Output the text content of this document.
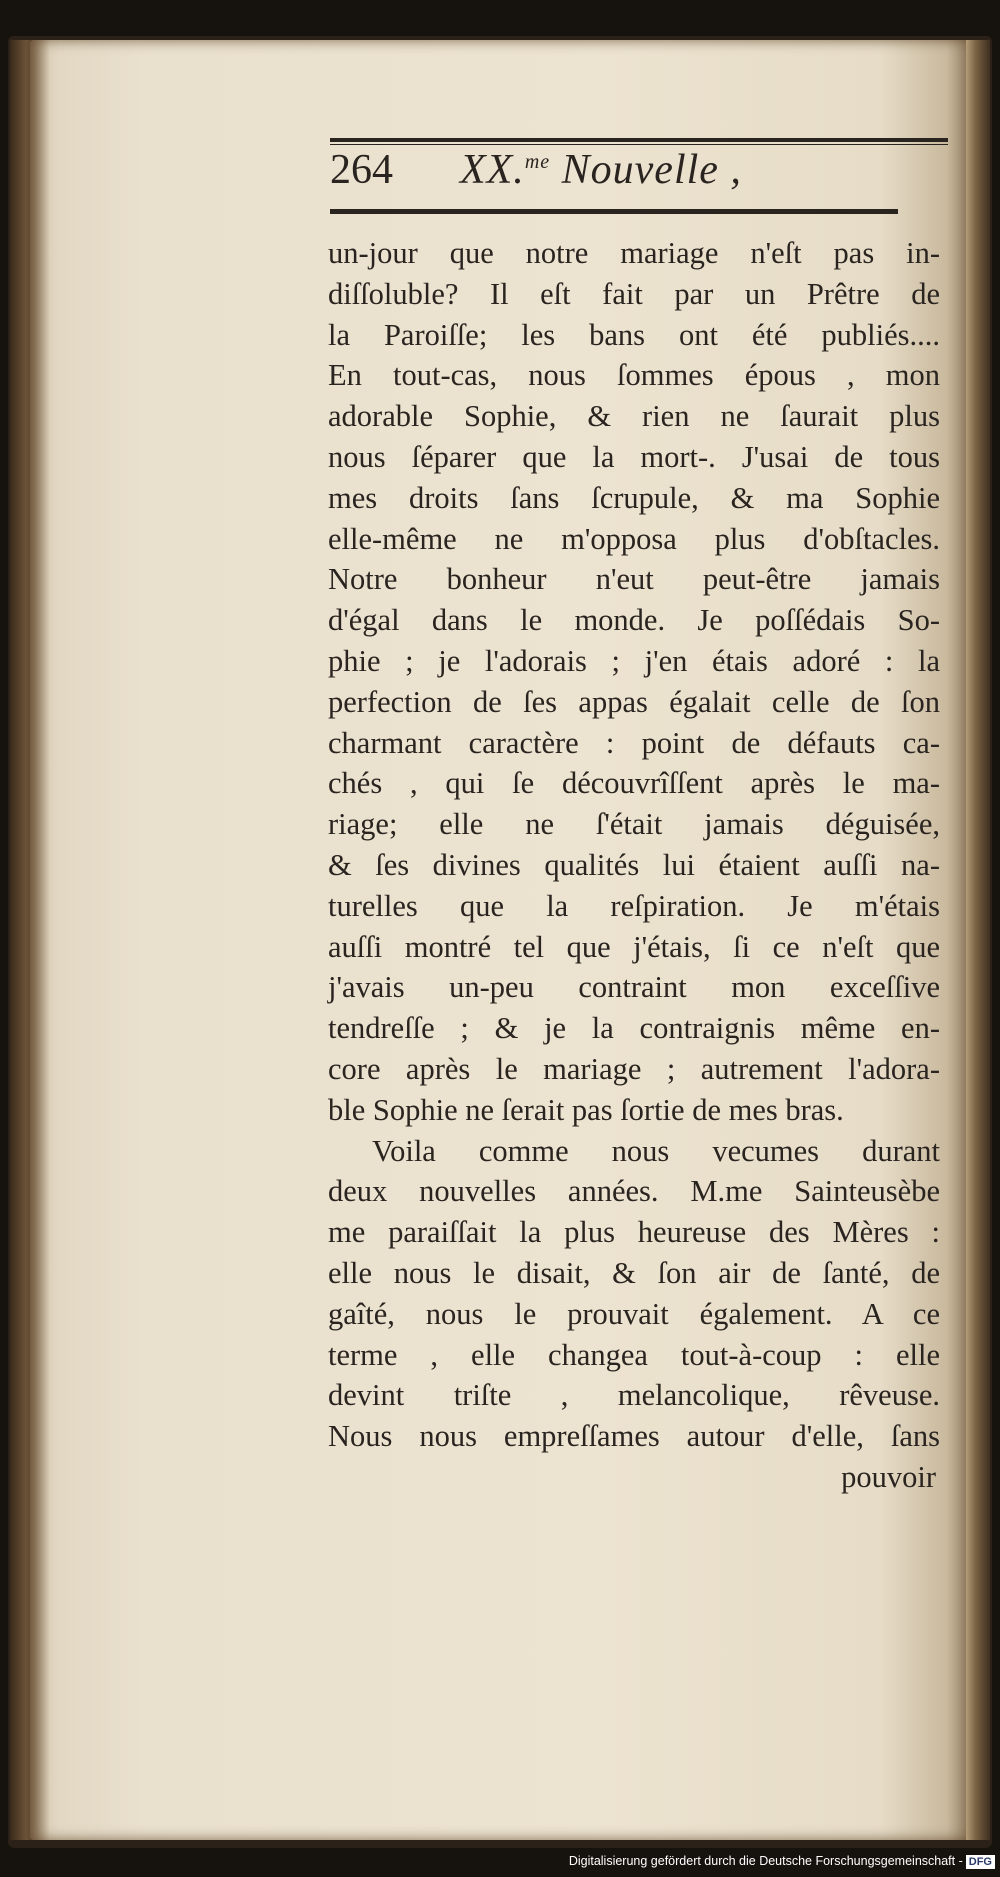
264	XX.$^{me}$ Nouvelle ,
un-jour que notre mariage n'eſt pas in-
diſſoluble? Il eſt fait par un Prêtre de
la Paroiſſe; les bans ont été publiés....
En tout-cas, nous ſommes épous , mon
adorable Sophie, & rien ne ſaurait plus
nous ſéparer que la mort-. J'usai de tous
mes droits ſans ſcrupule, & ma Sophie
elle-même ne m'opposa plus d'obſtacles.
Notre bonheur n'eut peut-être jamais
d'égal dans le monde. Je poſſédais So-
phie ; je l'adorais ; j'en étais adoré : la
perfection de ſes appas égalait celle de ſon
charmant caractère : point de défauts ca-
chés , qui ſe découvrîſſent après le ma-
riage; elle ne ſ'était jamais déguisée,
& ſes divines qualités lui étaient auſſi na-
turelles que la reſpiration. Je m'étais
auſſi montré tel que j'étais, ſi ce n'eſt que
j'avais un-peu contraint mon exceſſive
tendreſſe ; & je la contraignis même en-
core après le mariage ; autrement l'adora-
ble Sophie ne ſerait pas ſortie de mes bras.
Voila comme nous vecumes durant
deux nouvelles années. M.me Sainteusèbe
me paraiſſait la plus heureuse des Mères :
elle nous le disait, & ſon air de ſanté, de
gaîté, nous le prouvait également. A ce
terme , elle changea tout-à-coup : elle
devint triſte , melancolique, rêveuse.
Nous nous empreſſames autour d'elle, ſans
pouvoir
Digitalisierung gefördert durch die Deutsche Forschungsgemeinschaft - DFG
